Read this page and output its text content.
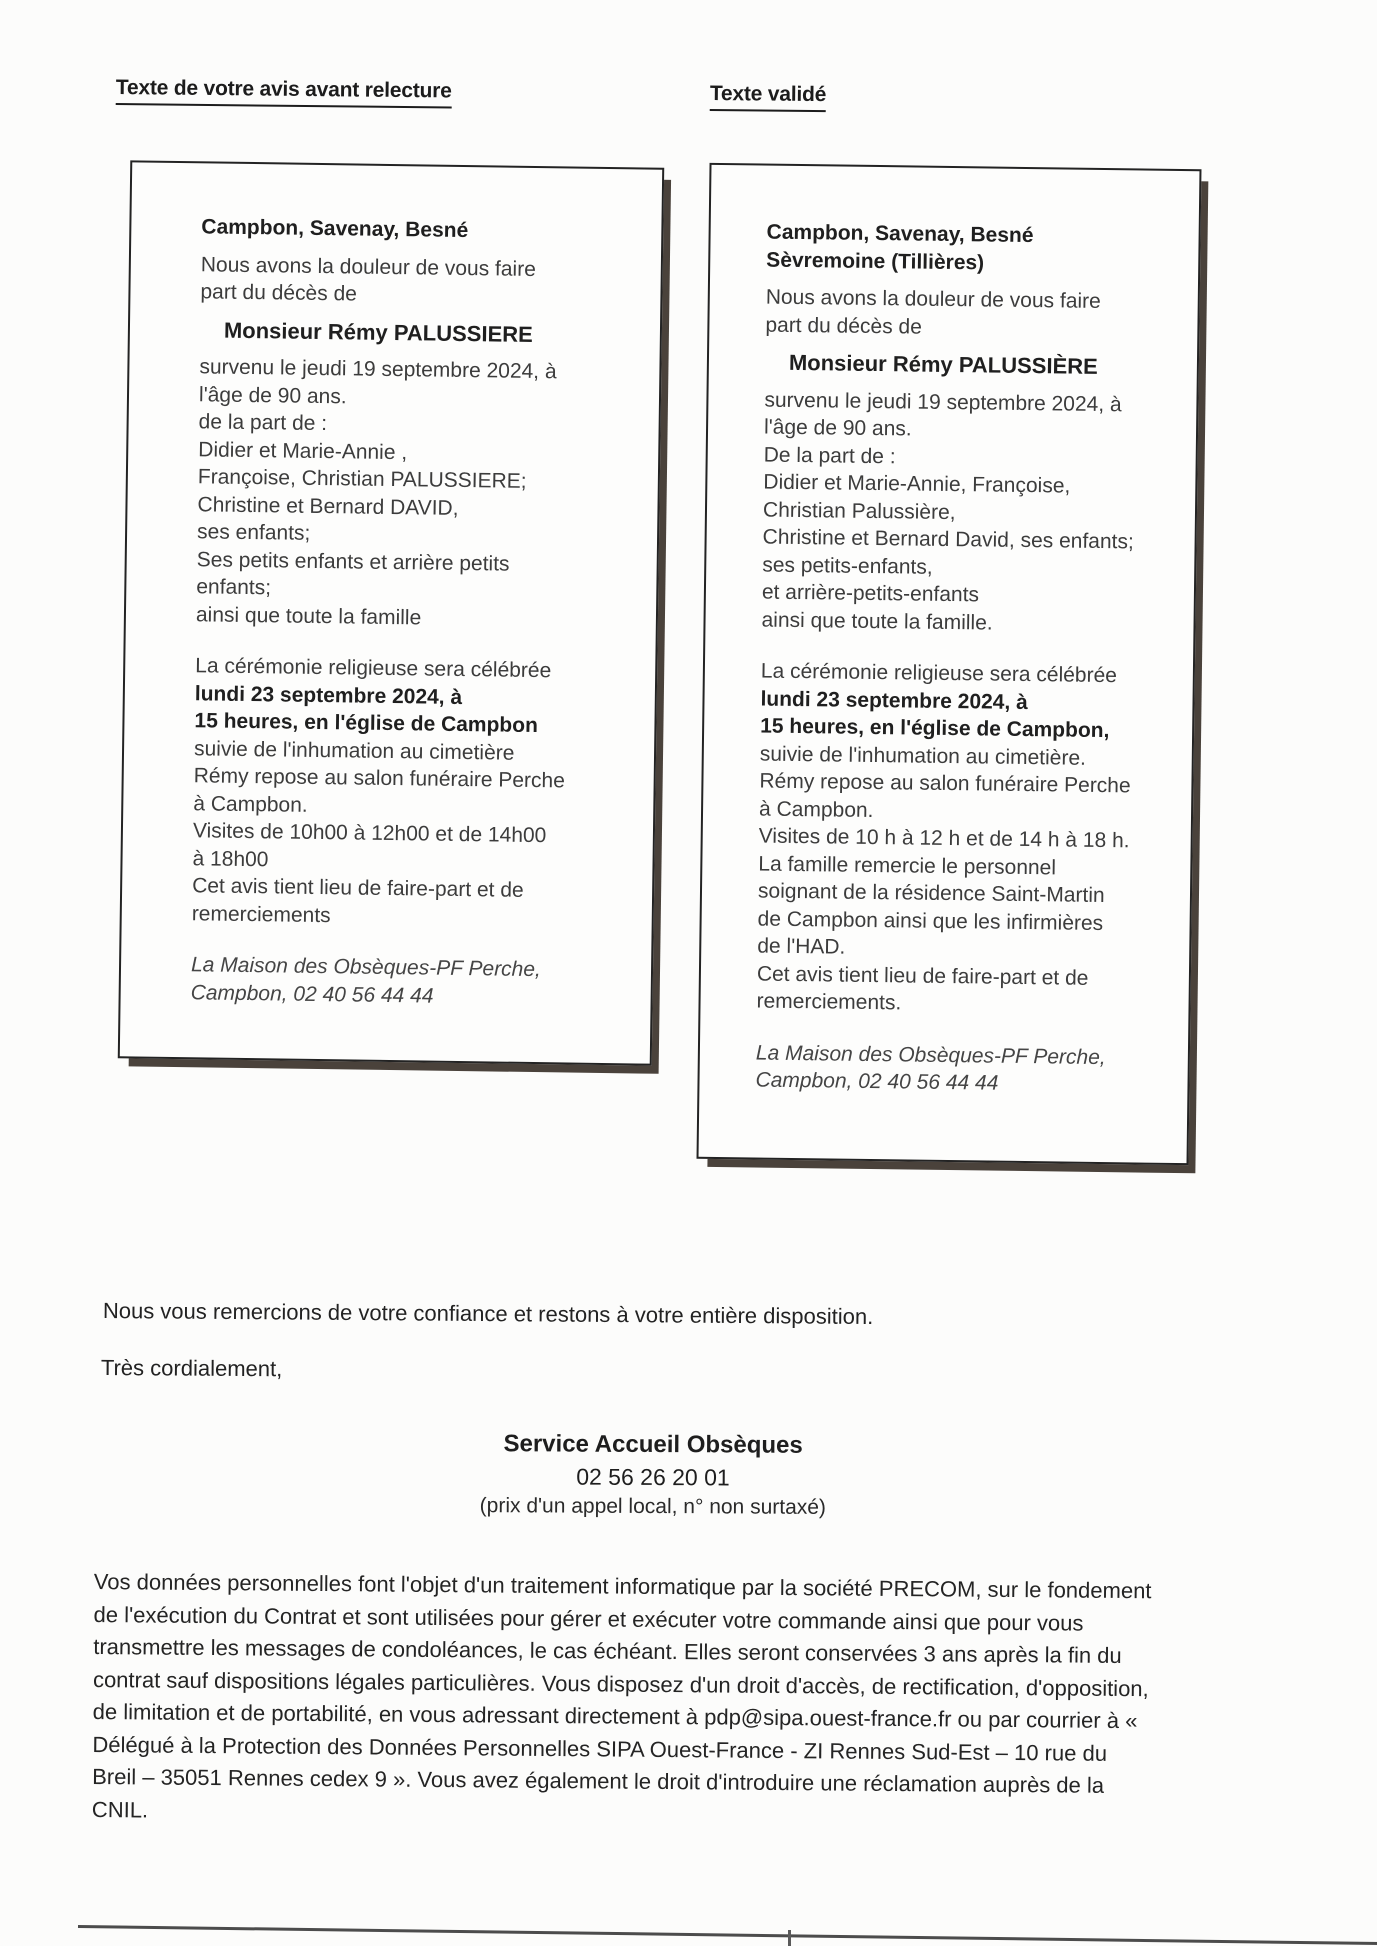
Texte de votre avis avant relecture	Texte validé
Campbon, Savenay, Besné
Nous avons la douleur de vous faire
part du décès de
Monsieur Rémy PALUSSIERE
survenu le jeudi 19 septembre 2024, à
l'âge de 90 ans.
de la part de :
Didier et Marie-Annie ,
Françoise, Christian PALUSSIERE;
Christine et Bernard DAVID,
ses enfants;
Ses petits enfants et arrière petits
enfants;
ainsi que toute la famille
La cérémonie religieuse sera célébrée
lundi 23 septembre 2024, à
15 heures, en l'église de Campbon
suivie de l'inhumation au cimetière
Rémy repose au salon funéraire Perche
à Campbon.
Visites de 10h00 à 12h00 et de 14h00
à 18h00
Cet avis tient lieu de faire-part et de
remerciements
La Maison des Obsèques-PF Perche,
Campbon, 02 40 56 44 44
Campbon, Savenay, Besné
Sèvremoine (Tillières)
Nous avons la douleur de vous faire
part du décès de
Monsieur Rémy PALUSSIÈRE
survenu le jeudi 19 septembre 2024, à
l'âge de 90 ans.
De la part de :
Didier et Marie-Annie, Françoise,
Christian Palussière,
Christine et Bernard David, ses enfants;
ses petits-enfants,
et arrière-petits-enfants
ainsi que toute la famille.
La cérémonie religieuse sera célébrée
lundi 23 septembre 2024, à
15 heures, en l'église de Campbon,
suivie de l'inhumation au cimetière.
Rémy repose au salon funéraire Perche
à Campbon.
Visites de 10 h à 12 h et de 14 h à 18 h.
La famille remercie le personnel
soignant de la résidence Saint-Martin
de Campbon ainsi que les infirmières
de l'HAD.
Cet avis tient lieu de faire-part et de
remerciements.
La Maison des Obsèques-PF Perche,
Campbon, 02 40 56 44 44
Nous vous remercions de votre confiance et restons à votre entière disposition.
Très cordialement,
Service Accueil Obsèques
02 56 26 20 01
(prix d'un appel local, n° non surtaxé)
Vos données personnelles font l'objet d'un traitement informatique par la société PRECOM, sur le fondement
de l'exécution du Contrat et sont utilisées pour gérer et exécuter votre commande ainsi que pour vous
transmettre les messages de condoléances, le cas échéant. Elles seront conservées 3 ans après la fin du
contrat sauf dispositions légales particulières. Vous disposez d'un droit d'accès, de rectification, d'opposition,
de limitation et de portabilité, en vous adressant directement à pdp@sipa.ouest-france.fr ou par courrier à «
Délégué à la Protection des Données Personnelles SIPA Ouest-France - ZI Rennes Sud-Est – 10 rue du
Breil – 35051 Rennes cedex 9 ». Vous avez également le droit d'introduire une réclamation auprès de la
CNIL.
